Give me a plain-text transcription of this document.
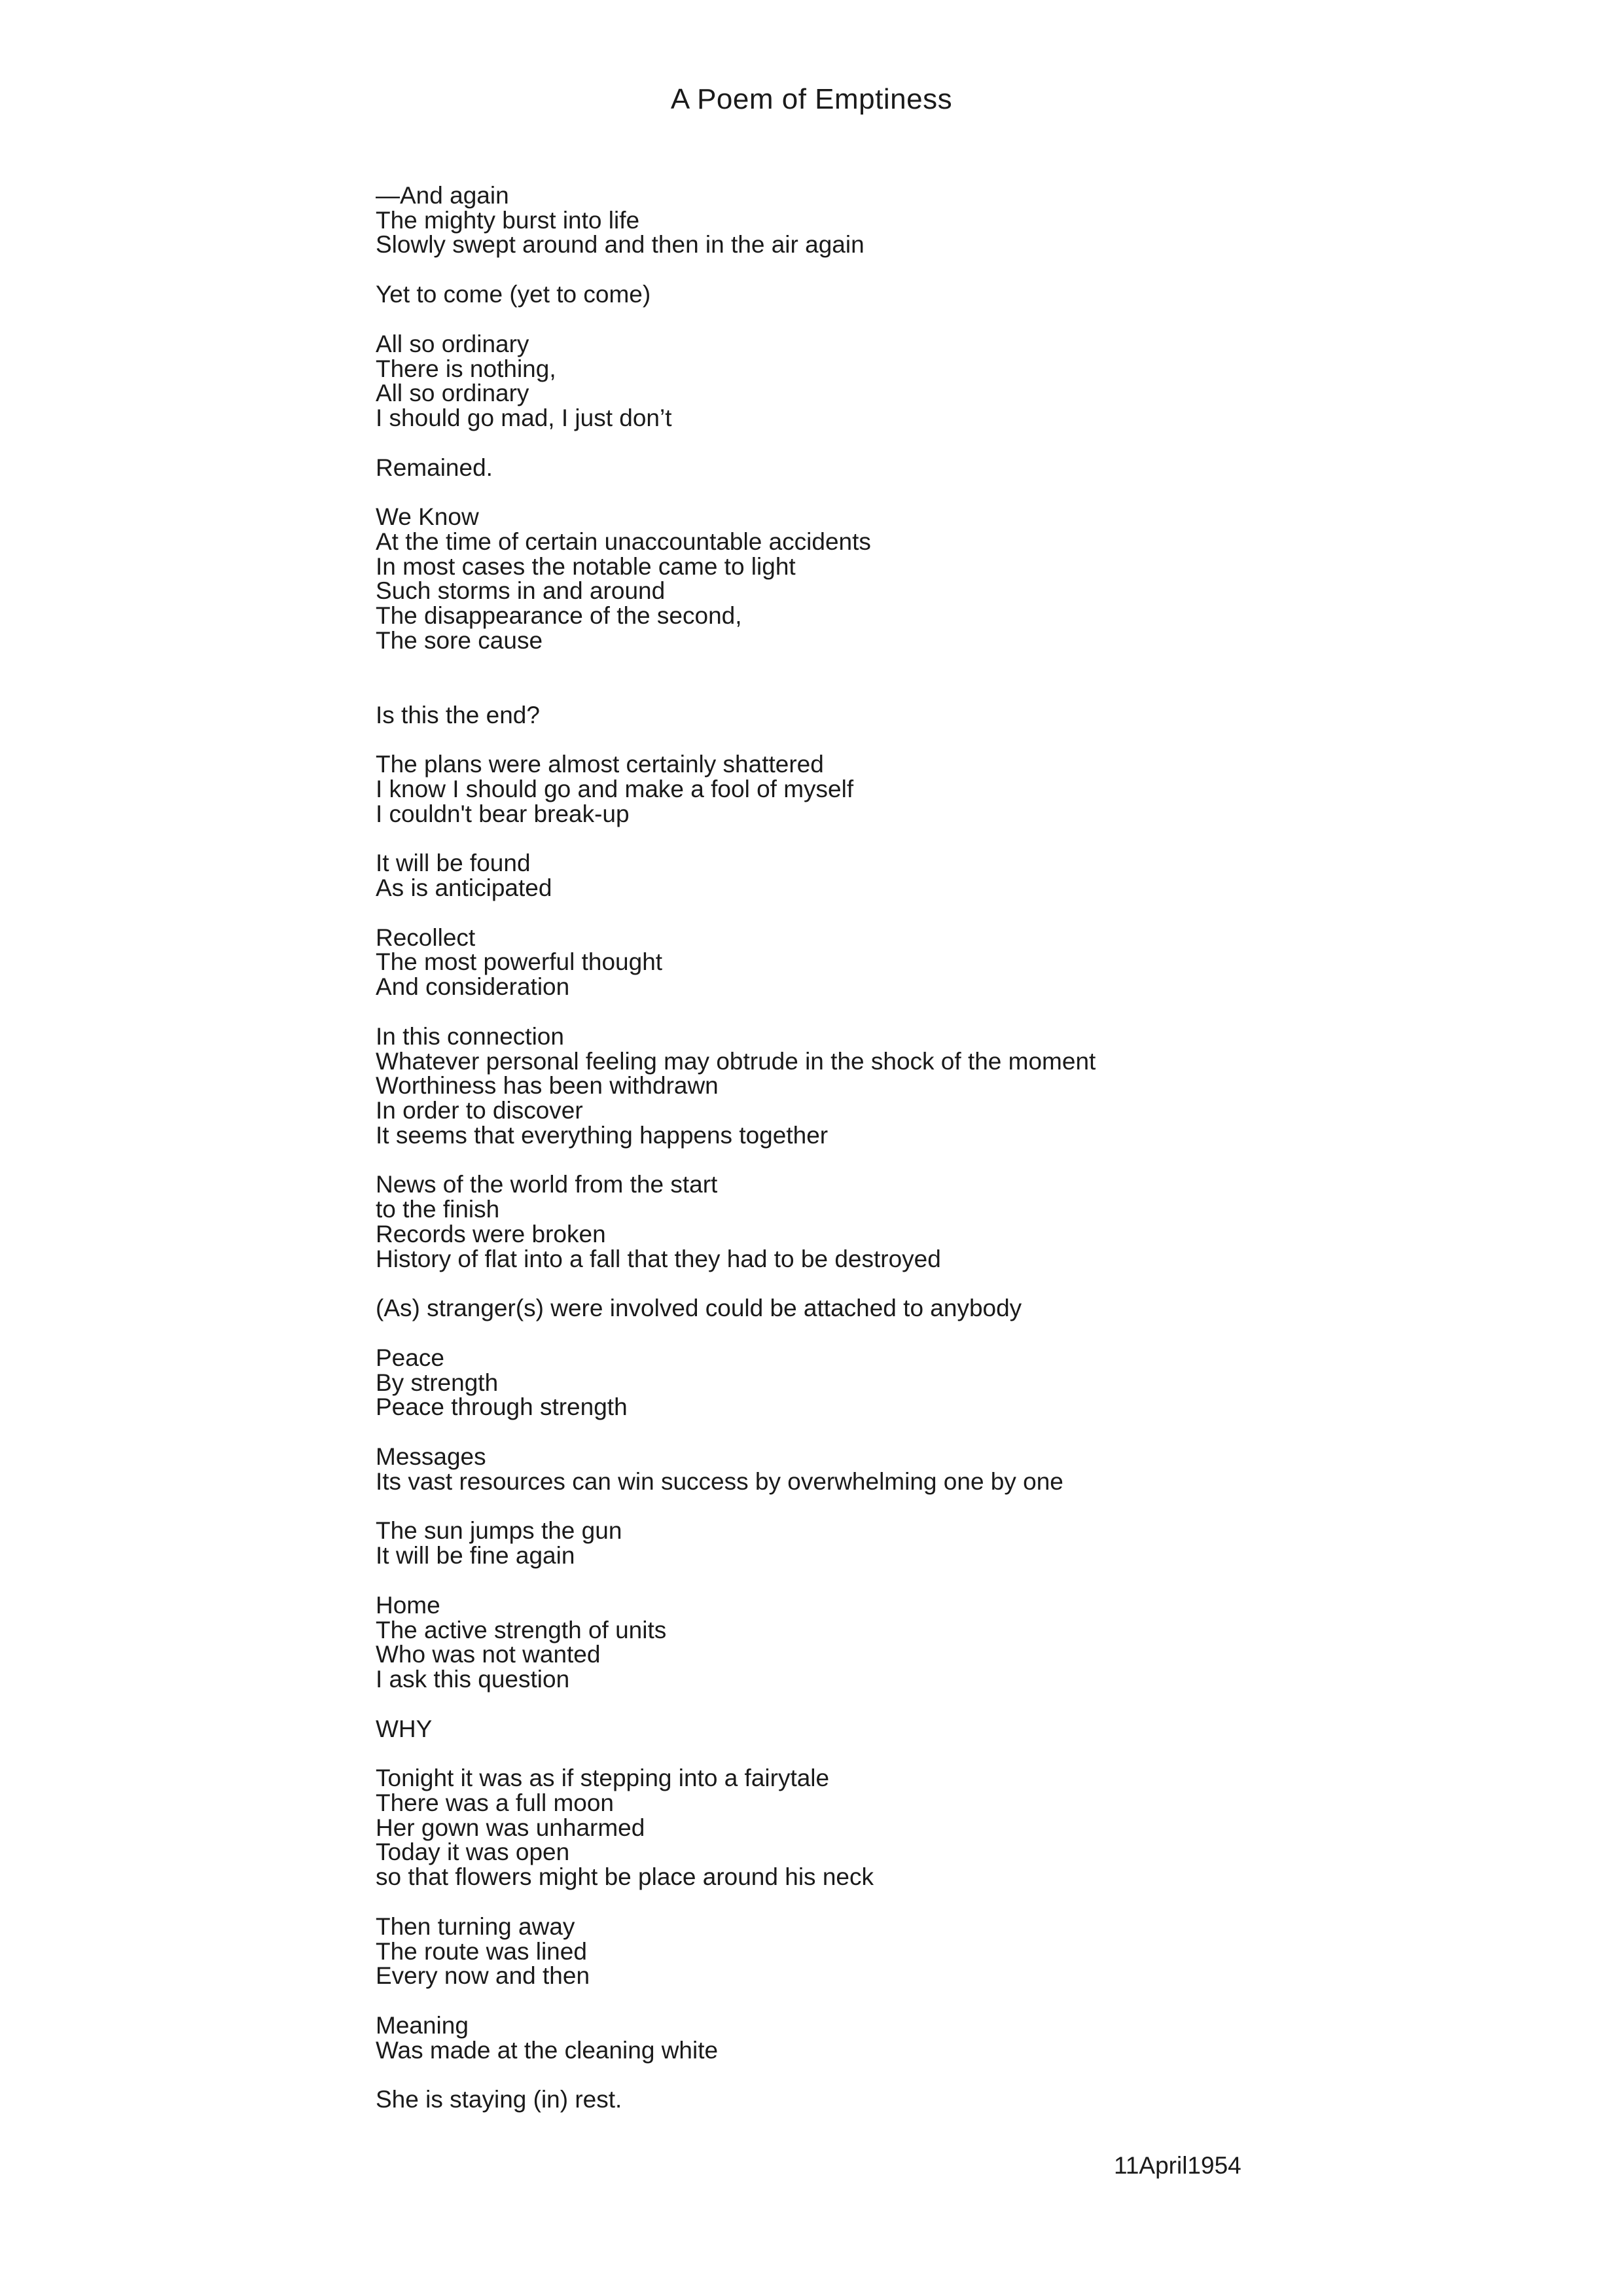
A Poem of Emptiness
—And again
The mighty burst into life
Slowly swept around and then in the air again
Yet to come (yet to come)
All so ordinary
There is nothing,
All so ordinary
I should go mad, I just don’t
Remained.
We Know
At the time of certain unaccountable accidents
In most cases the notable came to light
Such storms in and around
The disappearance of the second,
The sore cause
Is this the end?
The plans were almost certainly shattered
I know I should go and make a fool of myself
I couldn't bear break-up
It will be found
As is anticipated
Recollect
The most powerful thought
And consideration
In this connection
Whatever personal feeling may obtrude in the shock of the moment
Worthiness has been withdrawn
In order to discover
It seems that everything happens together
News of the world from the start
to the finish
Records were broken
History of flat into a fall that they had to be destroyed
(As) stranger(s) were involved could be attached to anybody
Peace
By strength
Peace through strength
Messages
Its vast resources can win success by overwhelming one by one
The sun jumps the gun
It will be fine again
Home
The active strength of units
Who was not wanted
I ask this question
WHY
Tonight it was as if stepping into a fairytale
There was a full moon
Her gown was unharmed
Today it was open
so that flowers might be place around his neck
Then turning away
The route was lined
Every now and then
Meaning
Was made at the cleaning white
She is staying (in) rest.
11April1954
